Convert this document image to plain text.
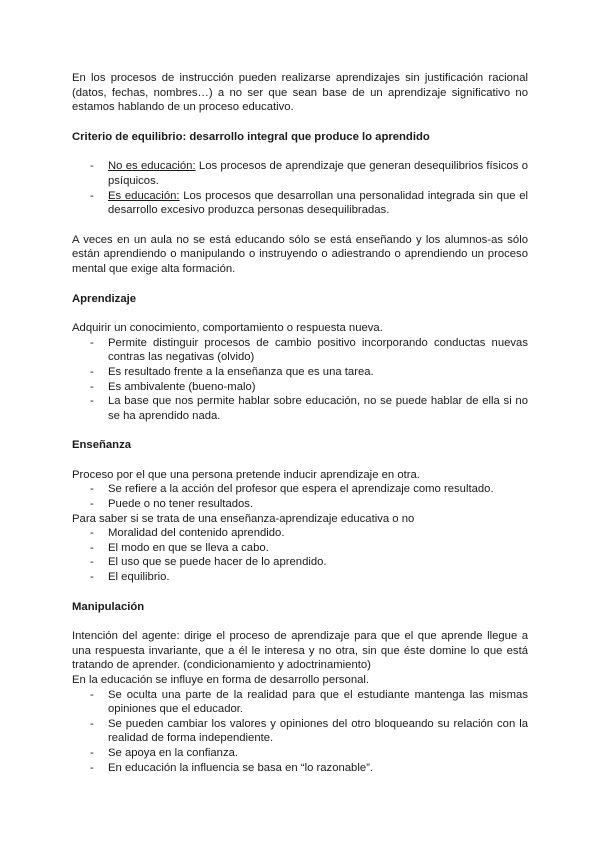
En los procesos de instrucción pueden realizarse aprendizajes sin justificación racional (datos, fechas, nombres…) a no ser que sean base de un aprendizaje significativo no estamos hablando de un proceso educativo.

Criterio de equilibrio: desarrollo integral que produce lo aprendido
- No es educación: Los procesos de aprendizaje que generan desequilibrios físicos o psíquicos.
- Es educación: Los procesos que desarrollan una personalidad integrada sin que el desarrollo excesivo produzca personas desequilibradas.

A veces en un aula no se está educando sólo se está enseñando y los alumnos-as sólo están aprendiendo o manipulando o instruyendo o adiestrando o aprendiendo un proceso mental que exige alta formación.

Aprendizaje

Adquirir un conocimiento, comportamiento o respuesta nueva.

- Permite distinguir procesos de cambio positivo incorporando conductas nuevas contras las negativas (olvido)
- Es resultado frente a la enseñanza que es una tarea.
- Es ambivalente (bueno-malo)
- La base que nos permite hablar sobre educación, no se puede hablar de ella si no se ha aprendido nada.
Enseñanza

Proceso por el que una persona pretende inducir aprendizaje en otra.

- Se refiere a la acción del profesor que espera el aprendizaje como resultado.
- Puede o no tener resultados.

Para saber si se trata de una enseñanza-aprendizaje educativa o no

- Moralidad del contenido aprendido.
- El modo en que se lleva a cabo.
- El uso que se puede hacer de lo aprendido.
- El equilibrio.
Manipulación

Intención del agente: dirige el proceso de aprendizaje para que el que aprende llegue a una respuesta invariante, que a él le interesa y no otra, sin que éste domine lo que está tratando de aprender. (condicionamiento y adoctrinamiento)

En la educación se influye en forma de desarrollo personal.

- Se oculta una parte de la realidad para que el estudiante mantenga las mismas opiniones que el educador.
- Se pueden cambiar los valores y opiniones del otro bloqueando su relación con la realidad de forma independiente.
- Se apoya en la confianza.
- En educación la influencia se basa en “lo razonable”.
